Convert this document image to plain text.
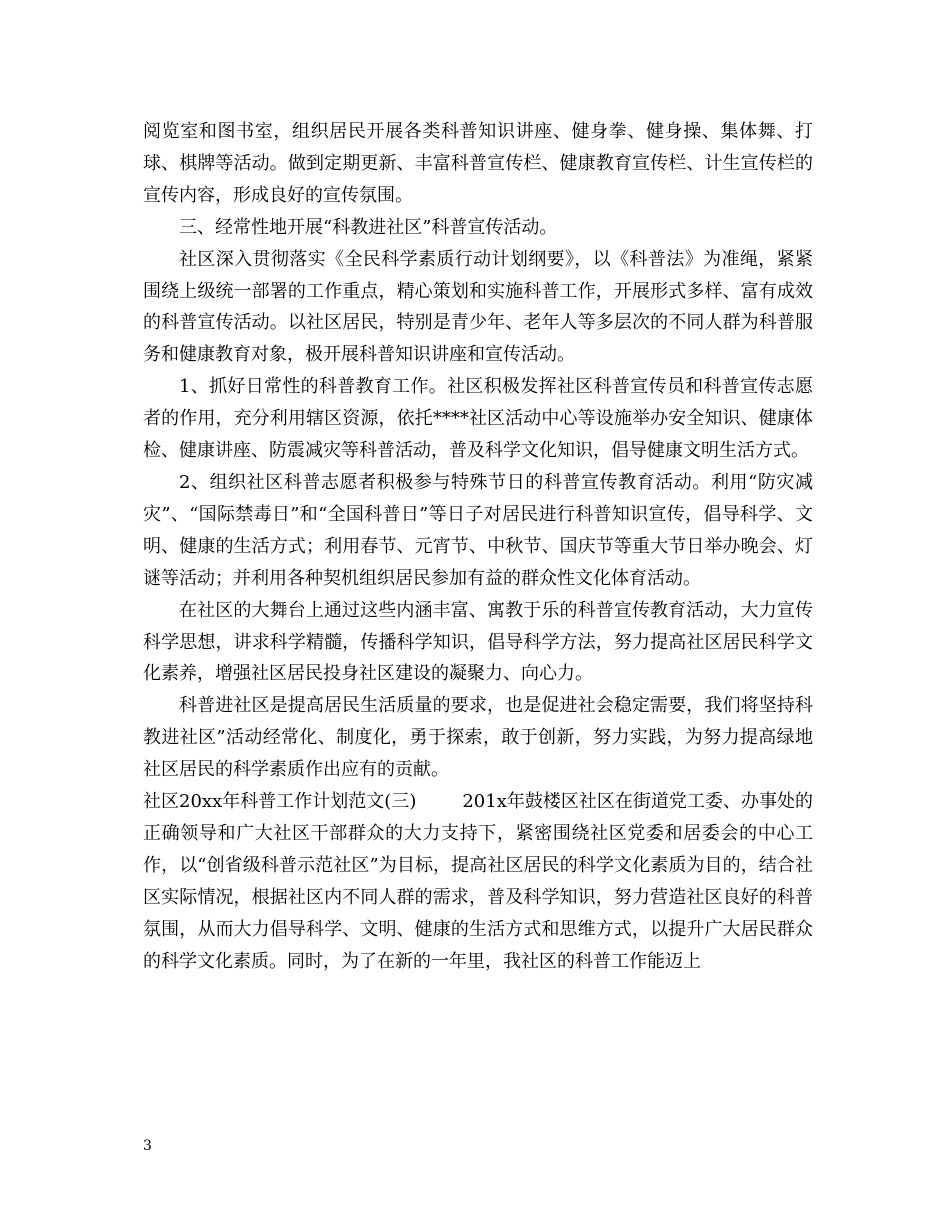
阅览室和图书室，组织居民开展各类科普知识讲座、健身拳、健身操、集体舞、打球、棋牌等活动。做到定期更新、丰富科普宣传栏、健康教育宣传栏、计生宣传栏的宣传内容，形成良好的宣传氛围。

三、经常性地开展“科教进社区”科普宣传活动。

社区深入贯彻落实《全民科学素质行动计划纲要》，以《科普法》为准绳，紧紧围绕上级统一部署的工作重点，精心策划和实施科普工作，开展形式多样、富有成效的科普宣传活动。以社区居民，特别是青少年、老年人等多层次的不同人群为科普服务和健康教育对象，极开展科普知识讲座和宣传活动。

1、抓好日常性的科普教育工作。社区积极发挥社区科普宣传员和科普宣传志愿者的作用，充分利用辖区资源，依托****社区活动中心等设施举办安全知识、健康体检、健康讲座、防震减灾等科普活动，普及科学文化知识，倡导健康文明生活方式。

2、组织社区科普志愿者积极参与特殊节日的科普宣传教育活动。利用“防灾减灾”、“国际禁毒日”和“全国科普日”等日子对居民进行科普知识宣传，倡导科学、文明、健康的生活方式；利用春节、元宵节、中秋节、国庆节等重大节日举办晚会、灯谜等活动；并利用各种契机组织居民参加有益的群众性文化体育活动。

在社区的大舞台上通过这些内涵丰富、寓教于乐的科普宣传教育活动，大力宣传科学思想，讲求科学精髓，传播科学知识，倡导科学方法，努力提高社区居民科学文化素养，增强社区居民投身社区建设的凝聚力、向心力。

科普进社区是提高居民生活质量的要求，也是促进社会稳定需要，我们将坚持科教进社区”活动经常化、制度化，勇于探索，敢于创新，努力实践，为努力提高绿地社区居民的科学素质作出应有的贡献。

社区20xx年科普工作计划范文(三)	201x年鼓楼区社区在街道党工委、办事处的正确领导和广大社区干部群众的大力支持下，紧密围绕社区党委和居委会的中心工作，以“创省级科普示范社区”为目标，提高社区居民的科学文化素质为目的，结合社区实际情况，根据社区内不同人群的需求，普及科学知识，努力营造社区良好的科普氛围，从而大力倡导科学、文明、健康的生活方式和思维方式，以提升广大居民群众的科学文化素质。同时，为了在新的一年里，我社区的科普工作能迈上

3
